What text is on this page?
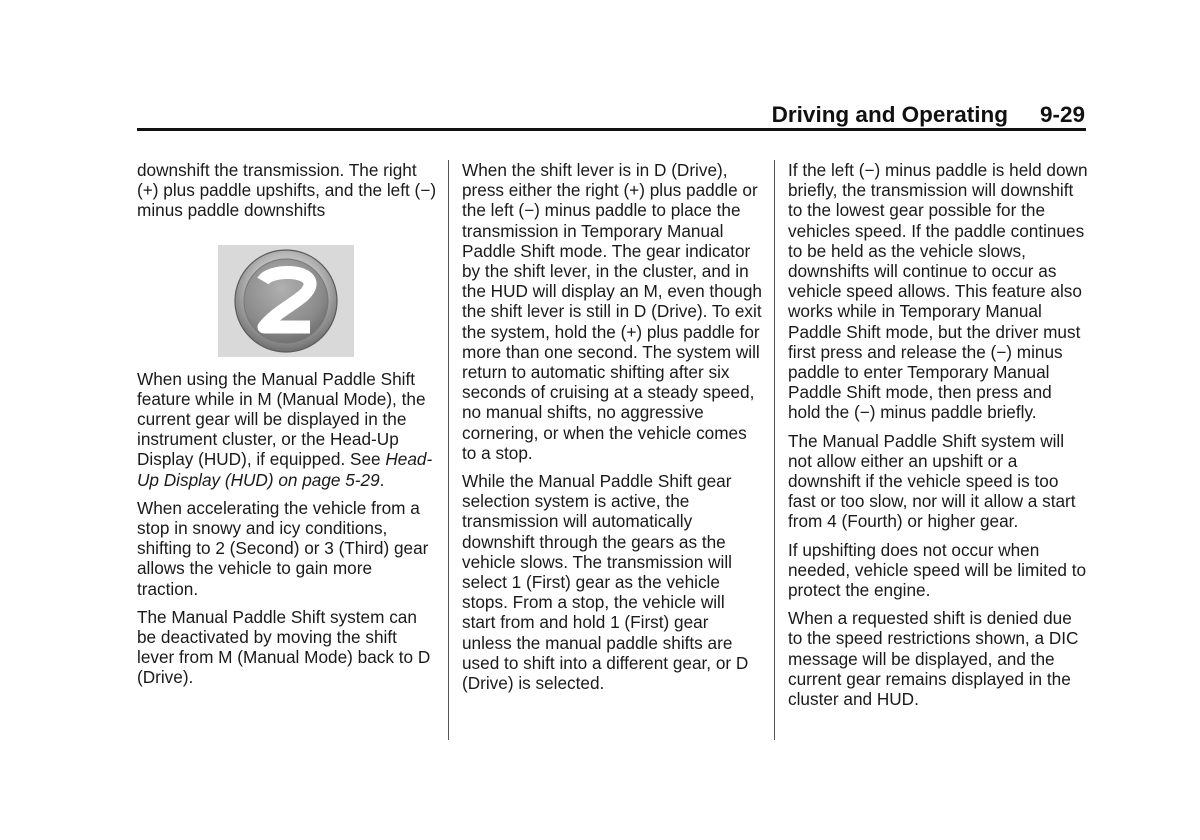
Driving and Operating 9-29

downshift the transmission. The right (+) plus paddle upshifts, and the left (−) minus paddle downshifts

2

When using the Manual Paddle Shift feature while in M (Manual Mode), the current gear will be displayed in the instrument cluster, or the Head-Up Display (HUD), if equipped. See Head-Up Display (HUD) on page 5-29.

When accelerating the vehicle from a stop in snowy and icy conditions, shifting to 2 (Second) or 3 (Third) gear allows the vehicle to gain more traction.

The Manual Paddle Shift system can be deactivated by moving the shift lever from M (Manual Mode) back to D (Drive).

When the shift lever is in D (Drive), press either the right (+) plus paddle or the left (−) minus paddle to place the transmission in Temporary Manual Paddle Shift mode. The gear indicator by the shift lever, in the cluster, and in the HUD will display an M, even though the shift lever is still in D (Drive). To exit the system, hold the (+) plus paddle for more than one second. The system will return to automatic shifting after six seconds of cruising at a steady speed, no manual shifts, no aggressive cornering, or when the vehicle comes to a stop.

While the Manual Paddle Shift gear selection system is active, the transmission will automatically downshift through the gears as the vehicle slows. The transmission will select 1 (First) gear as the vehicle stops. From a stop, the vehicle will start from and hold 1 (First) gear unless the manual paddle shifts are used to shift into a different gear, or D (Drive) is selected.

If the left (−) minus paddle is held down briefly, the transmission will downshift to the lowest gear possible for the vehicles speed. If the paddle continues to be held as the vehicle slows, downshifts will continue to occur as vehicle speed allows. This feature also works while in Temporary Manual Paddle Shift mode, but the driver must first press and release the (−) minus paddle to enter Temporary Manual Paddle Shift mode, then press and hold the (−) minus paddle briefly.

The Manual Paddle Shift system will not allow either an upshift or a downshift if the vehicle speed is too fast or too slow, nor will it allow a start from 4 (Fourth) or higher gear.

If upshifting does not occur when needed, vehicle speed will be limited to protect the engine.

When a requested shift is denied due to the speed restrictions shown, a DIC message will be displayed, and the current gear remains displayed in the cluster and HUD.
